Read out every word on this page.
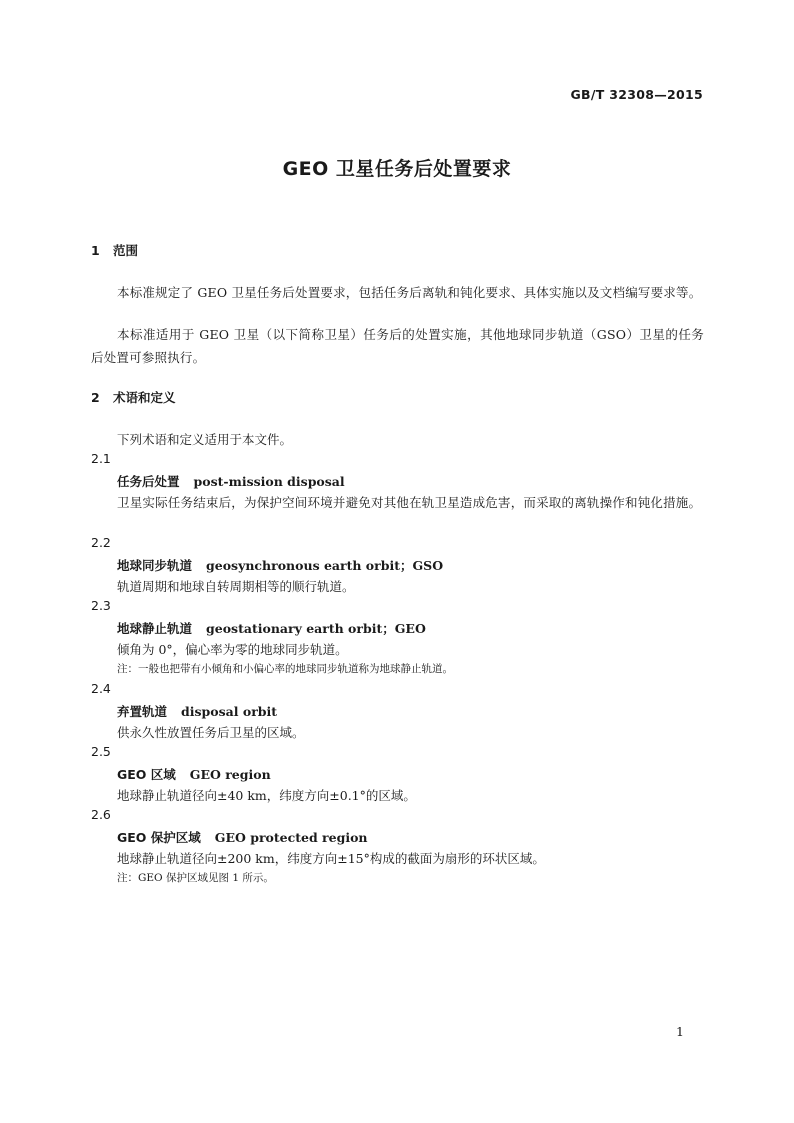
GB/T 32308—2015
GEO 卫星任务后处置要求
1 范围
本标准规定了 GEO 卫星任务后处置要求，包括任务后离轨和钝化要求、具体实施以及文档编写要求等。
本标准适用于 GEO 卫星（以下简称卫星）任务后的处置实施，其他地球同步轨道（GSO）卫星的任务后处置可参照执行。
2 术语和定义
下列术语和定义适用于本文件。
2.1
任务后处置 post-mission disposal
卫星实际任务结束后，为保护空间环境并避免对其他在轨卫星造成危害，而采取的离轨操作和钝化措施。
2.2
地球同步轨道 geosynchronous earth orbit；GSO
轨道周期和地球自转周期相等的顺行轨道。
2.3
地球静止轨道 geostationary earth orbit；GEO
倾角为 0°，偏心率为零的地球同步轨道。
注：一般也把带有小倾角和小偏心率的地球同步轨道称为地球静止轨道。
2.4
弃置轨道 disposal orbit
供永久性放置任务后卫星的区域。
2.5
GEO 区域 GEO region
地球静止轨道径向±40 km，纬度方向±0.1°的区域。
2.6
GEO 保护区域 GEO protected region
地球静止轨道径向±200 km，纬度方向±15°构成的截面为扇形的环状区域。
注：GEO 保护区域见图 1 所示。
1
